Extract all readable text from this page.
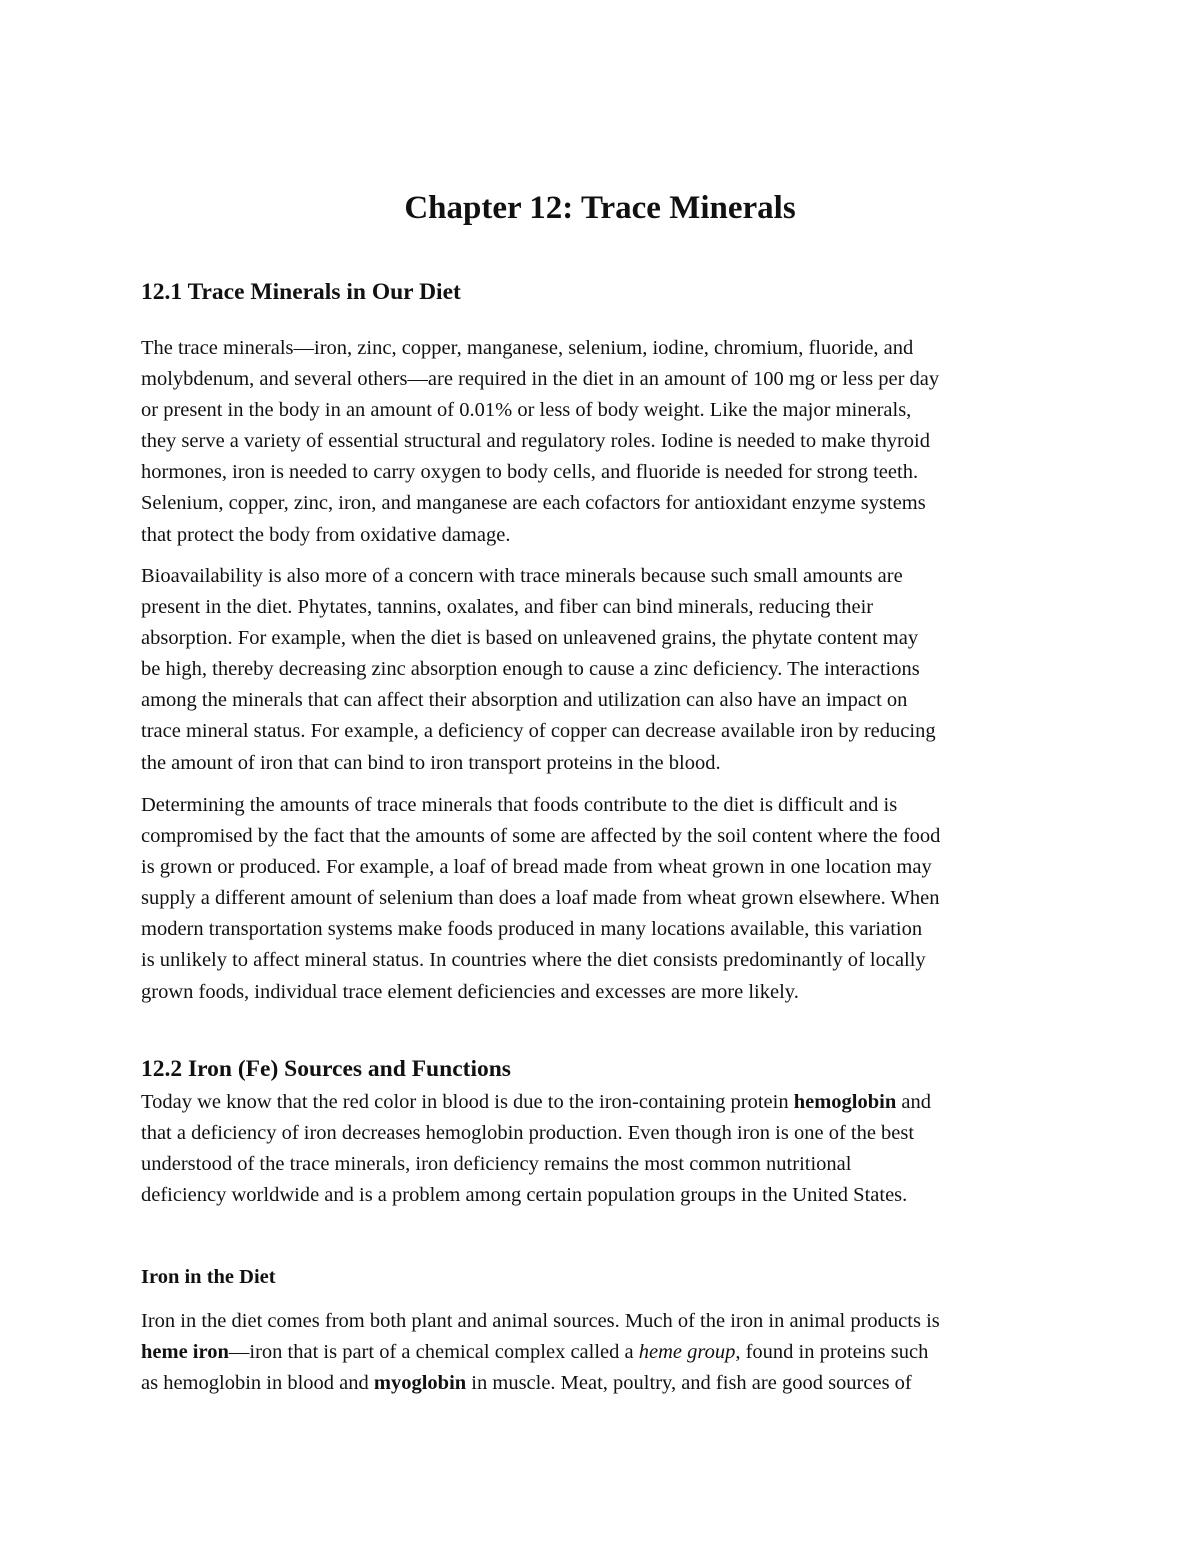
Chapter 12: Trace Minerals
12.1 Trace Minerals in Our Diet

The trace minerals—iron, zinc, copper, manganese, selenium, iodine, chromium, fluoride, and
molybdenum, and several others—are required in the diet in an amount of 100 mg or less per day
or present in the body in an amount of 0.01% or less of body weight. Like the major minerals,
they serve a variety of essential structural and regulatory roles. Iodine is needed to make thyroid
hormones, iron is needed to carry oxygen to body cells, and fluoride is needed for strong teeth.
Selenium, copper, zinc, iron, and manganese are each cofactors for antioxidant enzyme systems
that protect the body from oxidative damage.

Bioavailability is also more of a concern with trace minerals because such small amounts are
present in the diet. Phytates, tannins, oxalates, and fiber can bind minerals, reducing their
absorption. For example, when the diet is based on unleavened grains, the phytate content may
be high, thereby decreasing zinc absorption enough to cause a zinc deficiency. The interactions
among the minerals that can affect their absorption and utilization can also have an impact on
trace mineral status. For example, a deficiency of copper can decrease available iron by reducing
the amount of iron that can bind to iron transport proteins in the blood.

Determining the amounts of trace minerals that foods contribute to the diet is difficult and is
compromised by the fact that the amounts of some are affected by the soil content where the food
is grown or produced. For example, a loaf of bread made from wheat grown in one location may
supply a different amount of selenium than does a loaf made from wheat grown elsewhere. When
modern transportation systems make foods produced in many locations available, this variation
is unlikely to affect mineral status. In countries where the diet consists predominantly of locally
grown foods, individual trace element deficiencies and excesses are more likely.

12.2 Iron (Fe) Sources and Functions

Today we know that the red color in blood is due to the iron-containing protein hemoglobin and
that a deficiency of iron decreases hemoglobin production. Even though iron is one of the best
understood of the trace minerals, iron deficiency remains the most common nutritional
deficiency worldwide and is a problem among certain population groups in the United States.

Iron in the Diet

Iron in the diet comes from both plant and animal sources. Much of the iron in animal products is
heme iron—iron that is part of a chemical complex called a heme group, found in proteins such
as hemoglobin in blood and myoglobin in muscle. Meat, poultry, and fish are good sources of
